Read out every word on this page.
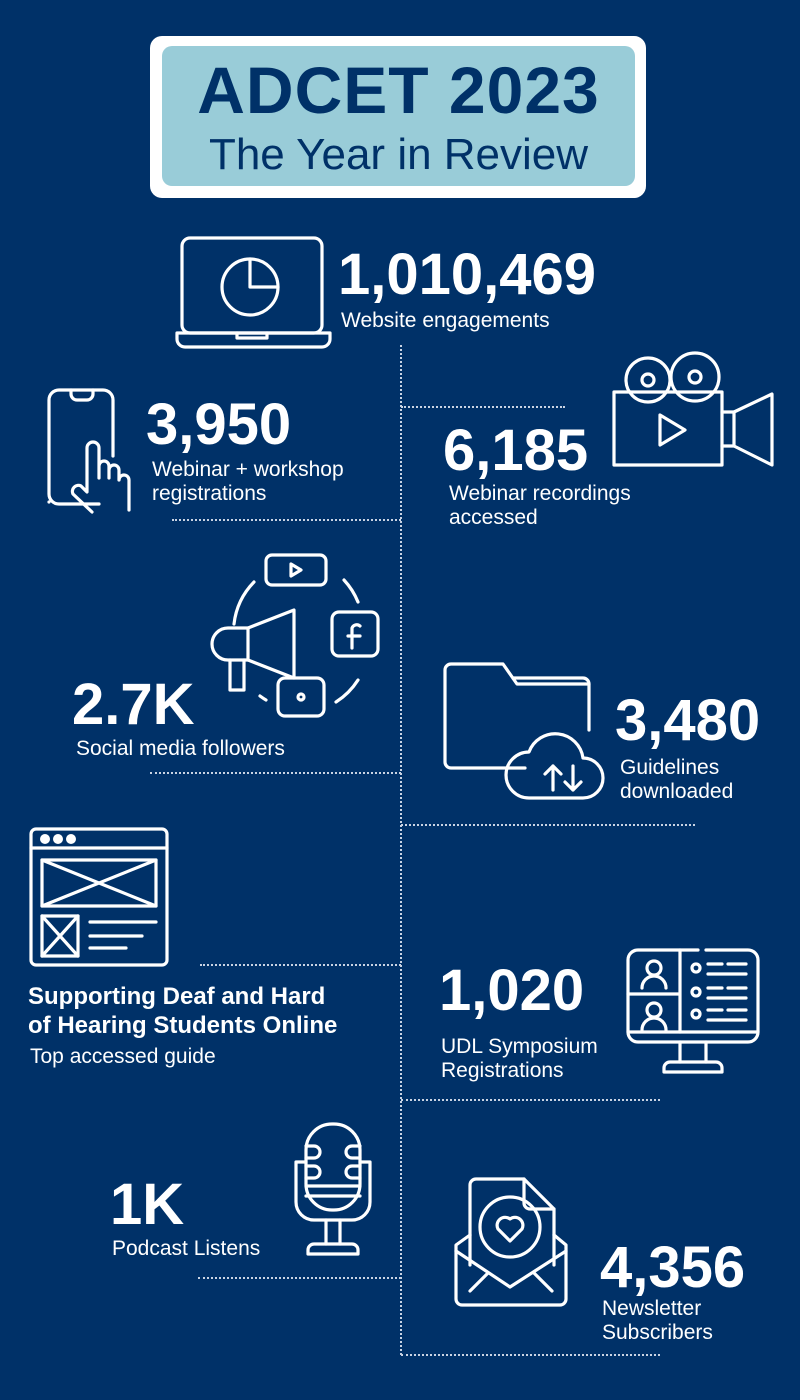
ADCET 2023
The Year in Review
1,010,469
Website engagements
3,950
Webinar + workshop
registrations
6,185
Webinar recordings
accessed
2.7K
Social media followers	3,480
Guidelines
downloaded
Supporting Deaf and Hard
of Hearing Students Online
Top accessed guide
1,020
UDL Symposium
Registrations
1K
Podcast Listens	4,356
Newsletter
Subscribers
